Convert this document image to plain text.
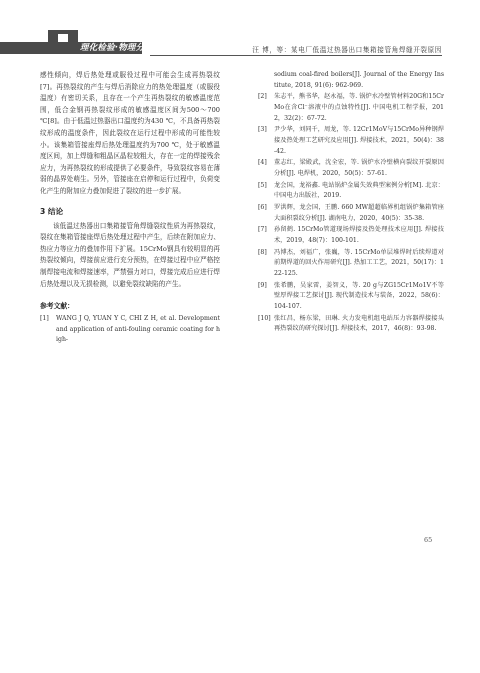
理化检验·物理分册	汪 博，等：某电厂低温过热器出口集箱接管角焊缝开裂原因

感性倾向，焊后热处理或服役过程中可能会生成再热裂纹[7]。再热裂纹的产生与焊后消除应力的热处理温度（或服役温度）有密切关系，且存在一个产生再热裂纹的敏感温度范围，低合金钢再热裂纹形成的敏感温度区间为500～700 ℃[8]。由于低温过热器出口温度约为430 ℃，不具备再热裂纹形成的温度条件，因此裂纹在运行过程中形成的可能性较小。该集箱管接座焊后热处理温度约为700 ℃，处于敏感温度区间，加上焊缝和粗晶区晶粒较粗大，存在一定的焊接残余应力，为再热裂纹的形成提供了必要条件，导致裂纹容易在薄弱的晶界处萌生。另外，管接座在启停和运行过程中，负荷变化产生的附加应力叠加促进了裂纹的进一步扩展。

3 结论

该低温过热器出口集箱接管角焊缝裂纹性质为再热裂纹，裂纹在集箱管接座焊后热处理过程中产生，后续在附加应力、热应力等应力的叠加作用下扩展。15CrMo钢具有较明显的再热裂纹倾向，焊接前应进行充分预热，在焊接过程中应严格控制焊接电流和焊接速率，严禁强力对口，焊接完成后应进行焊后热处理以及无损检测，以避免裂纹缺陷的产生。

参考文献：
[1]	WANG J Q, YUAN Y C, CHI Z H, et al. Development and application of anti-fouling ceramic coating for high-
sodium coal-fired boilers[J]. Journal of the Energy Institute, 2018, 91(6): 962-969.
[2]	朱志平，熊书华，赵永福，等. 锅炉水冷壁管材料20G和15CrMo在含Cl⁻溶液中的点蚀特性[J]. 中国电机工程学报，2012，32(2)：67-72.
[3]	尹少华，刘同千，周龙，等. 12Cr1MoV与15CrMo异种钢焊接及热处理工艺研究及应用[J]. 焊接技术，2021，50(4)：38-42.
[4]	董志红，梁殿武，沈全宏，等. 锅炉水冷壁横向裂纹开裂原因分析[J]. 电焊机，2020，50(5)：57-61.
[5]	龙会国，龙裕鑫. 电站锅炉金属失效典型案例分析[M]. 北京：中国电力出版社，2019.
[6]	罗洪辉，龙会国，王鹏. 660 MW超超临界机组锅炉集箱管座大面积裂纹分析[J]. 湖南电力，2020，40(5)：35-38.
[7]	孙留鹤. 15CrMo管道现场焊接及热处理技术应用[J]. 焊接技术，2019，48(7)：100-101.
[8]	冯博杰，刘福广，张巍，等. 15CrMo单层堆焊时后续焊道对前期焊道的回火作用研究[J]. 热加工工艺，2021，50(17)：122-125.
[9]	张希鹏，吴家雷，姜智义，等. 20 g与ZG15Cr1Mo1V不等壁厚焊接工艺探讨[J]. 现代制造技术与装备，2022，58(6)：104-107.
[10] 张红昌，杨东梁，田琳. 火力发电机组电站压力容器焊接接头再热裂纹的研究探讨[J]. 焊接技术，2017，46(8)：93-98.
65
